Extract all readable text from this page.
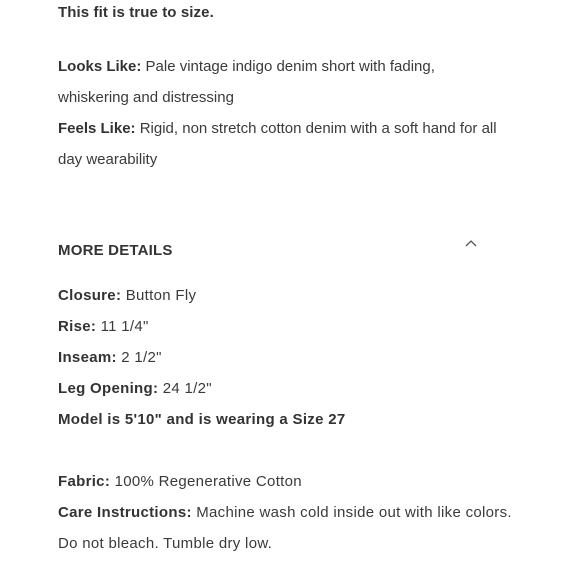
This fit is true to size.

Looks Like: Pale vintage indigo denim short with fading, whiskering and distressing

Feels Like: Rigid, non stretch cotton denim with a soft hand for all day wearability

MORE DETAILS

Closure: Button Fly

Rise: 11 1/4"

Inseam: 2 1/2"

Leg Opening: 24 1/2"

Model is 5'10" and is wearing a Size 27

Fabric: 100% Regenerative Cotton

Care Instructions: Machine wash cold inside out with like colors. Do not bleach. Tumble dry low.
